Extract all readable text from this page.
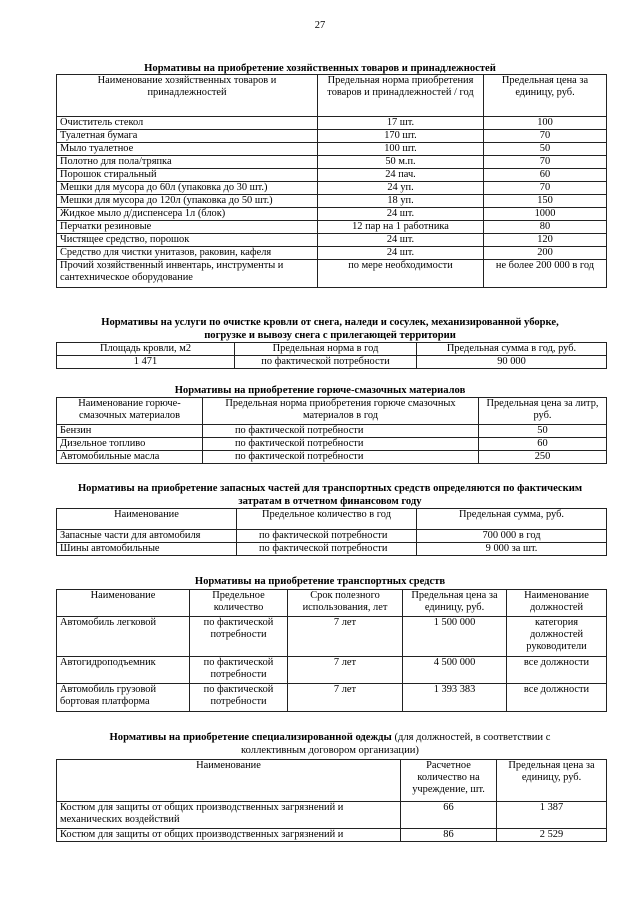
27
Нормативы на приобретение хозяйственных товаров и принадлежностей
Наименование хозяйственных товаров и принадлежностей	Предельная норма приобретения товаров и принадлежностей / год	Предельная цена за единицу, руб.
Очиститель стекол	17 шт.	100
Туалетная бумага	170 шт.	70
Мыло туалетное	100 шт.	50
Полотно для пола/тряпка	50 м.п.	70
Порошок стиральный	24 пач.	60
Мешки для мусора до 60л (упаковка до 30 шт.)	24 уп.	70
Мешки для мусора до 120л (упаковка до 50 шт.)	18 уп.	150
Жидкое мыло д/диспенсера 1л (блок)	24 шт.	1000
Перчатки резиновые	12 пар на 1 работника	80
Чистящее средство, порошок	24 шт.	120
Средство для чистки унитазов, раковин, кафеля	24 шт.	200
Прочий хозяйственный инвентарь, инструменты и сантехническое оборудование	по мере необходимости	не более 200 000 в год
Нормативы на услуги по очистке кровли от снега, наледи и сосулек, механизированной уборке, погрузке и вывозу снега с прилегающей территории
Площадь кровли, м2	Предельная норма в год	Предельная сумма в год, руб.
1 471	по фактической потребности	90 000
Нормативы на приобретение горюче-смазочных материалов
Наименование горюче-смазочных материалов	Предельная норма приобретения горюче смазочных материалов в год	Предельная цена за литр, руб.
Бензин	по фактической потребности	50
Дизельное топливо	по фактической потребности	60
Автомобильные масла	по фактической потребности	250
Нормативы на приобретение запасных частей для транспортных средств определяются по фактическим затратам в отчетном финансовом году
Наименование	Предельное количество в год	Предельная сумма, руб.
Запасные части для автомобиля	по фактической потребности	700 000 в год
Шины автомобильные	по фактической потребности	9 000 за шт.
Нормативы на приобретение транспортных средств
Наименование	Предельное количество	Срок полезного использования, лет	Предельная цена за единицу, руб.	Наименование должностей
Автомобиль легковой	по фактической потребности	7 лет	1 500 000	категория должностей руководители
Автогидроподъемник	по фактической потребности	7 лет	4 500 000	все должности
Автомобиль грузовой бортовая платформа	по фактической потребности	7 лет	1 393 383	все должности
Нормативы на приобретение специализированной одежды (для должностей, в соответствии с коллективным договором организации)
Наименование	Расчетное количество на учреждение, шт.	Предельная цена за единицу, руб.
Костюм для защиты от общих производственных загрязнений и механических воздействий	66	1 387
Костюм для защиты от общих производственных загрязнений и	86	2 529
